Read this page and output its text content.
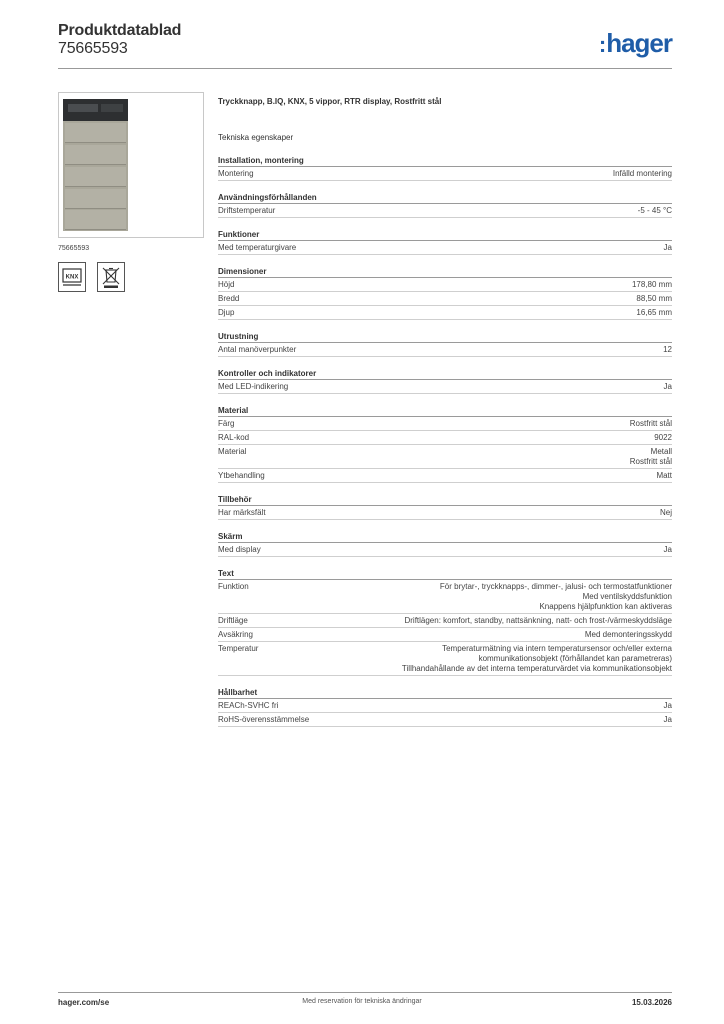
Produktdatablad
75665593	:hager
75665593
KNX
Tryckknapp, B.IQ, KNX, 5 vippor, RTR display, Rostfritt stål
Tekniska egenskaper
Installation, montering
Montering	Infälld montering
Användningsförhållanden
Driftstemperatur	-5 - 45 °C
Funktioner
Med temperaturgivare	Ja
Dimensioner
Höjd	178,80 mm
Bredd	88,50 mm
Djup	16,65 mm
Utrustning
Antal manöverpunkter	12
Kontroller och indikatorer
Med LED-indikering	Ja
Material
Färg	Rostfritt stål
RAL-kod	9022
Material	Metall
Rostfritt stål
Ytbehandling	Matt
Tillbehör
Har märksfält	Nej
Skärm
Med display	Ja
Text
Funktion	För brytar-, tryckknapps-, dimmer-, jalusi- och termostatfunktioner
Med ventilskyddsfunktion
Knappens hjälpfunktion kan aktiveras
Driftläge	Driftlägen: komfort, standby, nattsänkning, natt- och frost-/värmeskyddsläge
Avsäkring	Med demonteringsskydd
Temperatur	Temperaturmätning via intern temperatursensor och/eller externa
kommunikationsobjekt (förhållandet kan parametreras)
Tillhandahållande av det interna temperaturvärdet via kommunikationsobjekt
Hållbarhet
REACh-SVHC fri	Ja
RoHS-överensstämmelse	Ja
hager.com/se	Med reservation för tekniska ändringar	15.03.2026
